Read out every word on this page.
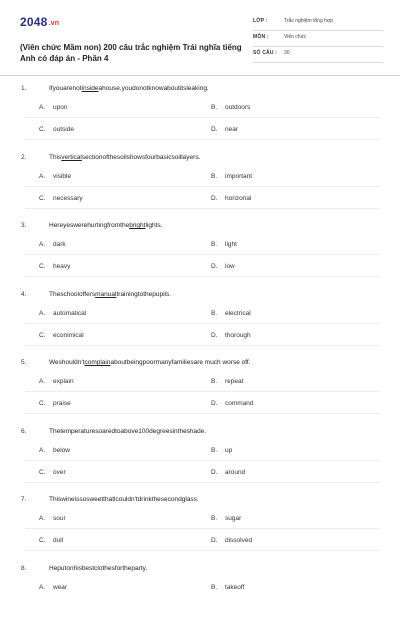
2048.vn
(Viên chức Mầm non) 200 câu trắc nghiệm Trái nghĩa tiếng Anh có đáp án - Phần 4
LỚP :	Trắc nghiệm tổng hợp
MÔN :	Viên chức
SỐ CÂU : 30
1.	Ifyouarenotinsideahouse,youdonotknowaboutitsleaking.
A. upon	B. outdoors
C. outside	D. near
2.	Thisverticalsectionofthesoilshowsfourbasicsoillayers.
A. visible	B. important
C. necessary	D. horizonal
3.	Hereyeswerehurtingfromthebrightlights.
A. dark	B. light
C. heavy	D. low
4.	Theschooloffersmanualtrainingtothepupils.
A. automatical	B. electrical
C. econimical	D. thorough
5.	Weshouldn'tcomplainaboutbeingpoormanyfamiliesare much worse off.
A. explain	B. repeat
C. praise	D. command
6.	Thetemperaturesoaredtoabove100degreesintheshade.
A. below	B. up
C. over	D. around
7.	Thiswineissosweetthatlcouldn'tdrinkthesecondglass.
A. sour	B. sugar
C. dull	D. dissolved
8.	Heputonhisbestclothesfortheparty.
A. wear	B. takeoff
